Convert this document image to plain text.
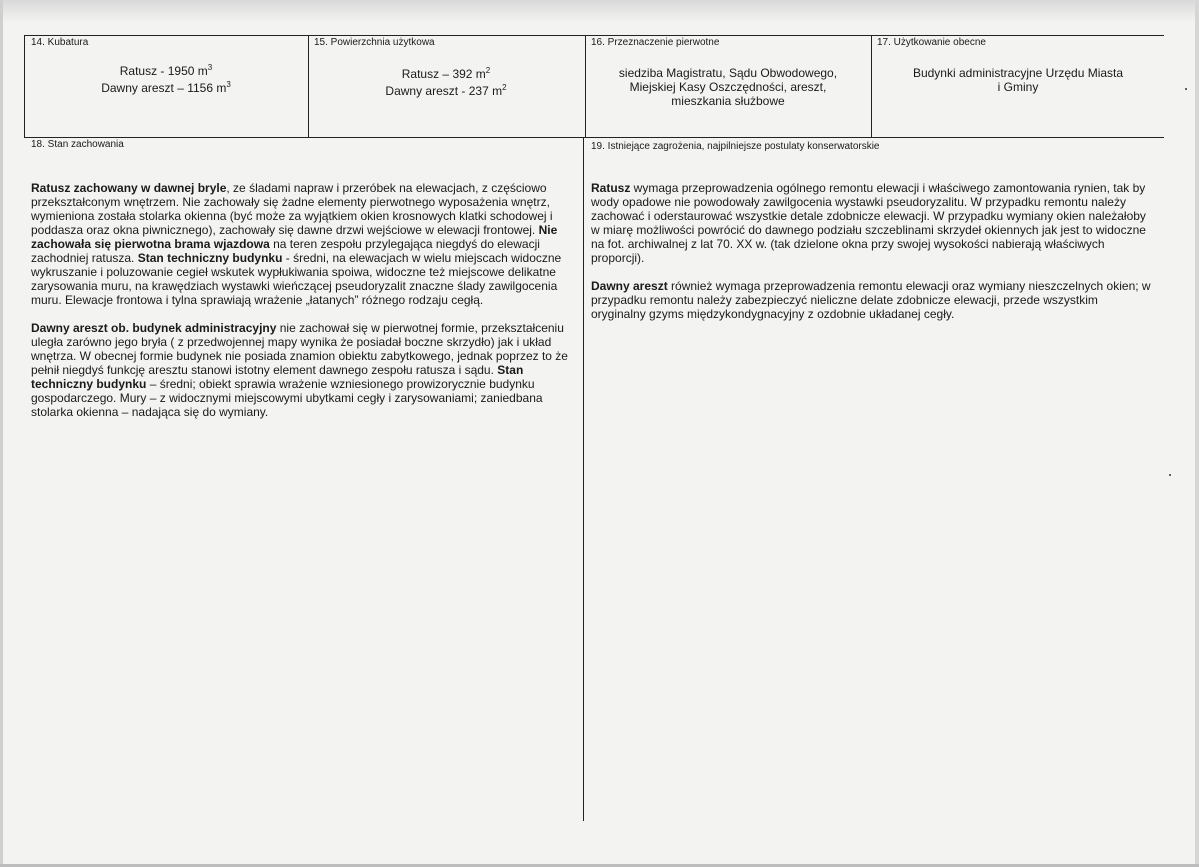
14. Kubatura
Ratusz - 1950 $m^3$
Dawny areszt – 1156 $m^3$
15. Powierzchnia użytkowa
Ratusz – 392 $m^2$
Dawny areszt - 237 $m^2$
16. Przeznaczenie pierwotne
siedziba Magistratu, Sądu Obwodowego,
Miejskiej Kasy Oszczędności, areszt,
mieszkania służbowe
17. Użytkowanie obecne
Budynki administracyjne Urzędu Miasta
i Gminy
18. Stan zachowania

Ratusz zachowany w dawnej bryle, ze śladami napraw i przeróbek na elewacjach, z częściowo przekształconym wnętrzem. Nie zachowały się żadne elementy pierwotnego wyposażenia wnętrz, wymieniona została stolarka okienna (być może za wyjątkiem okien krosnowych klatki schodowej i poddasza oraz okna piwnicznego), zachowały się dawne drzwi wejściowe w elewacji frontowej. Nie zachowała się pierwotna brama wjazdowa na teren zespołu przylegająca niegdyś do elewacji zachodniej ratusza. Stan techniczny budynku - średni, na elewacjach w wielu miejscach widoczne wykruszanie i poluzowanie cegieł wskutek wypłukiwania spoiwa, widoczne też miejscowe delikatne zarysowania muru, na krawędziach wystawki wieńczącej pseudoryzalit znaczne ślady zawilgocenia muru. Elewacje frontowa i tylna sprawiają wrażenie „łatanych” różnego rodzaju cegłą.

Dawny areszt ob. budynek administracyjny nie zachował się w pierwotnej formie, przekształceniu uległa zarówno jego bryła ( z przedwojennej mapy wynika że posiadał boczne skrzydło) jak i układ wnętrza. W obecnej formie budynek nie posiada znamion obiektu zabytkowego, jednak poprzez to że pełnił niegdyś funkcję aresztu stanowi istotny element dawnego zespołu ratusza i sądu. Stan techniczny budynku – średni; obiekt sprawia wrażenie wzniesionego prowizorycznie budynku gospodarczego. Mury – z widocznymi miejscowymi ubytkami cegły i zarysowaniami; zaniedbana stolarka okienna – nadająca się do wymiany.

19. Istniejące zagrożenia, najpilniejsze postulaty konserwatorskie

Ratusz wymaga przeprowadzenia ogólnego remontu elewacji i właściwego zamontowania rynien, tak by wody opadowe nie powodowały zawilgocenia wystawki pseudoryzalitu. W przypadku remontu należy zachować i oderstaurować wszystkie detale zdobnicze elewacji. W przypadku wymiany okien należałoby w miarę możliwości powrócić do dawnego podziału szczeblinami skrzydeł okiennych jak jest to widoczne na fot. archiwalnej z lat 70. XX w. (tak dzielone okna przy swojej wysokości nabierają właściwych proporcji).

Dawny areszt również wymaga przeprowadzenia remontu elewacji oraz wymiany nieszczelnych okien; w przypadku remontu należy zabezpieczyć nieliczne delate zdobnicze elewacji, przede wszystkim oryginalny gzyms międzykondygnacyjny z ozdobnie układanej cegły.
